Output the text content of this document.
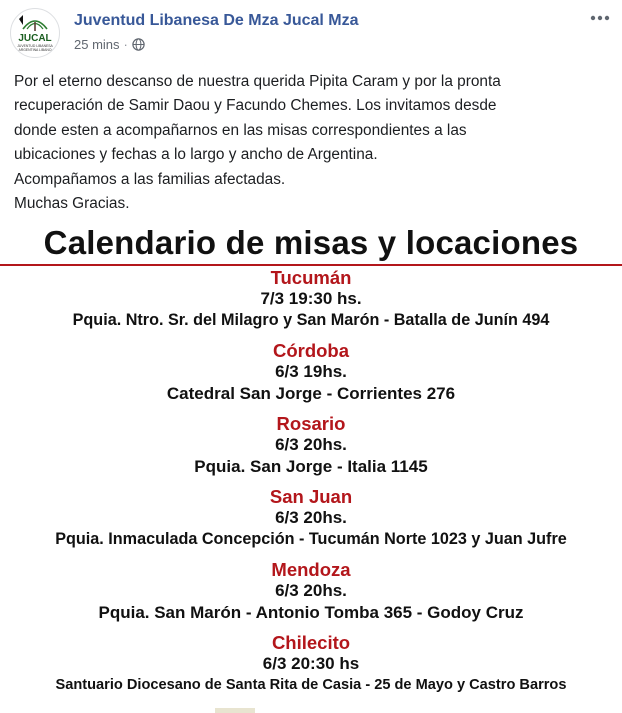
JUCAL
JUVENTUD LIBANESA
ARGENTINA LIBANO
Juventud Libanesa De Mza Jucal Mza
25 mins ·

Por el eterno descanso de nuestra querida Pipita Caram y por la pronta

recuperación de Samir Daou y Facundo Chemes. Los invitamos desde

donde esten a acompañarnos en las misas correspondientes a las

ubicaciones y fechas a lo largo y ancho de Argentina.

Acompañamos a las familias afectadas.

Muchas Gracias.

Calendario de misas y locaciones
Tucumán
7/3 19:30 hs.
Pquia. Ntro. Sr. del Milagro y San Marón - Batalla de Junín 494
Córdoba
6/3 19hs.
Catedral San Jorge - Corrientes 276
Rosario
6/3 20hs.
Pquia. San Jorge - Italia 1145
San Juan
6/3 20hs.
Pquia. Inmaculada Concepción - Tucumán Norte 1023 y Juan Jufre
Mendoza
6/3 20hs.
Pquia. San Marón - Antonio Tomba 365 - Godoy Cruz
Chilecito
6/3 20:30 hs
Santuario Diocesano de Santa Rita de Casia - 25 de Mayo y Castro Barros
